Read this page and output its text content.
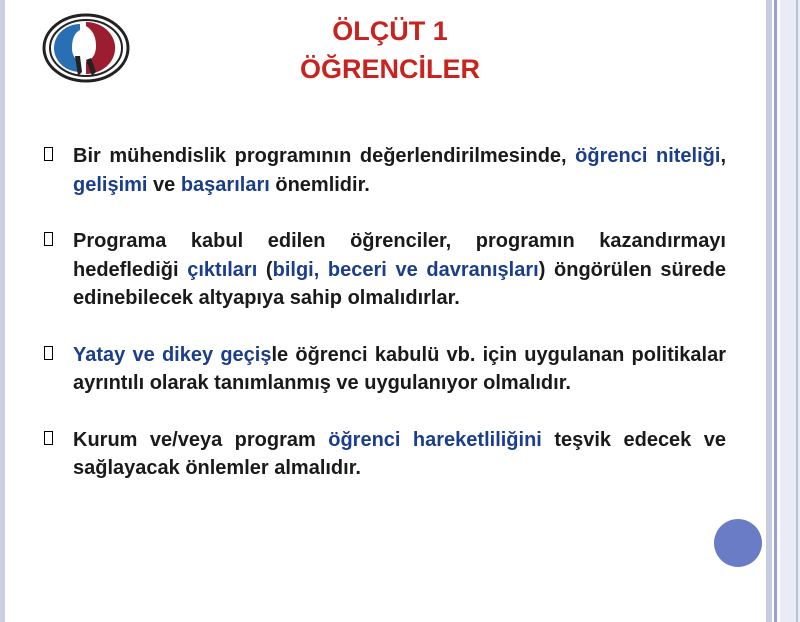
ÖLÇÜT 1
ÖĞRENCİLER

Bir mühendislik programının değerlendirilmesinde, öğrenci niteliği, gelişimi ve başarıları önemlidir.

Programa kabul edilen öğrenciler, programın kazandırmayı hedeflediği çıktıları (bilgi, beceri ve davranışları) öngörülen sürede edinebilecek altyapıya sahip olmalıdırlar.

Yatay ve dikey geçişle öğrenci kabulü vb. için uygulanan politikalar ayrıntılı olarak tanımlanmış ve uygulanıyor olmalıdır.

Kurum ve/veya program öğrenci hareketliliğini teşvik edecek ve sağlayacak önlemler almalıdır.
